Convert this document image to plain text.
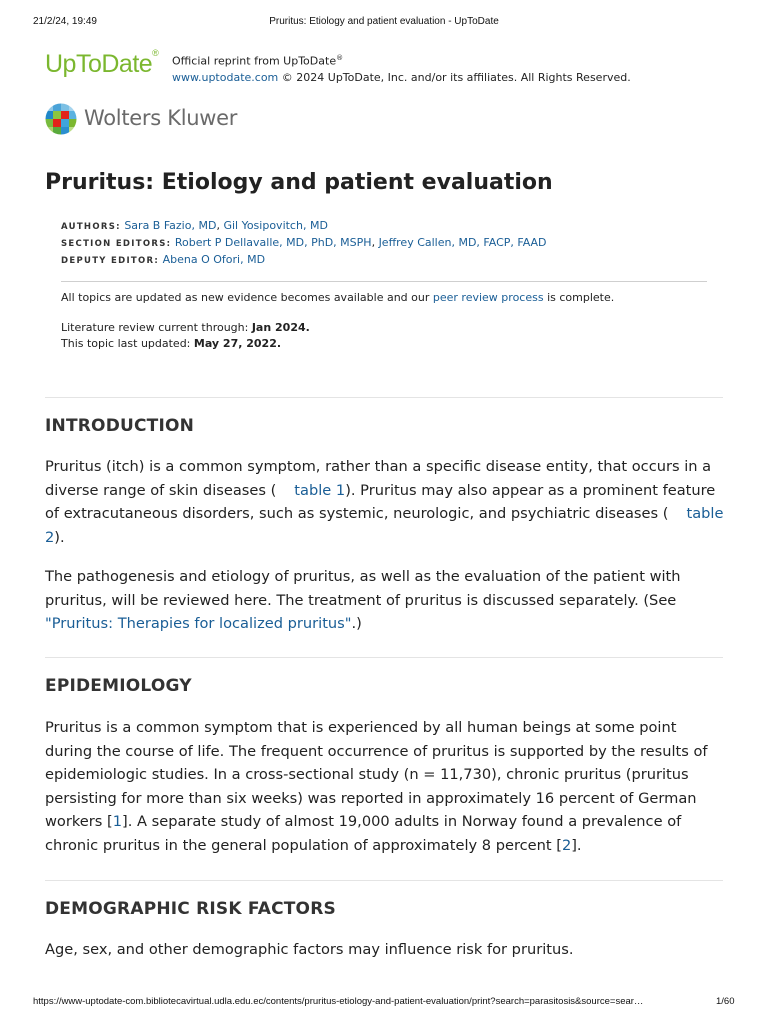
21/2/24, 19:49	Pruritus: Etiology and patient evaluation - UpToDate
UpToDate®
Official reprint from UpToDate®
www.uptodate.com © 2024 UpToDate, Inc. and/or its affiliates. All Rights Reserved.
Wolters Kluwer
Pruritus: Etiology and patient evaluation
AUTHORS: Sara B Fazio, MD, Gil Yosipovitch, MD
SECTION EDITORS: Robert P Dellavalle, MD, PhD, MSPH, Jeffrey Callen, MD, FACP, FAAD
DEPUTY EDITOR: Abena O Ofori, MD
All topics are updated as new evidence becomes available and our peer review process is complete.
Literature review current through: Jan 2024.
This topic last updated: May 27, 2022.
INTRODUCTION

Pruritus (itch) is a common symptom, rather than a specific disease entity, that occurs in a diverse range of skin diseases ( table 1). Pruritus may also appear as a prominent feature of extracutaneous disorders, such as systemic, neurologic, and psychiatric diseases ( table 2).

The pathogenesis and etiology of pruritus, as well as the evaluation of the patient with pruritus, will be reviewed here. The treatment of pruritus is discussed separately. (See "Pruritus: Therapies for localized pruritus".)

EPIDEMIOLOGY

Pruritus is a common symptom that is experienced by all human beings at some point during the course of life. The frequent occurrence of pruritus is supported by the results of epidemiologic studies. In a cross-sectional study (n = 11,730), chronic pruritus (pruritus persisting for more than six weeks) was reported in approximately 16 percent of German workers [1]. A separate study of almost 19,000 adults in Norway found a prevalence of chronic pruritus in the general population of approximately 8 percent [2].

DEMOGRAPHIC RISK FACTORS

Age, sex, and other demographic factors may influence risk for pruritus.

https://www-uptodate-com.bibliotecavirtual.udla.edu.ec/contents/pruritus-etiology-and-patient-evaluation/print?search=parasitosis&source=sear…	1/60
